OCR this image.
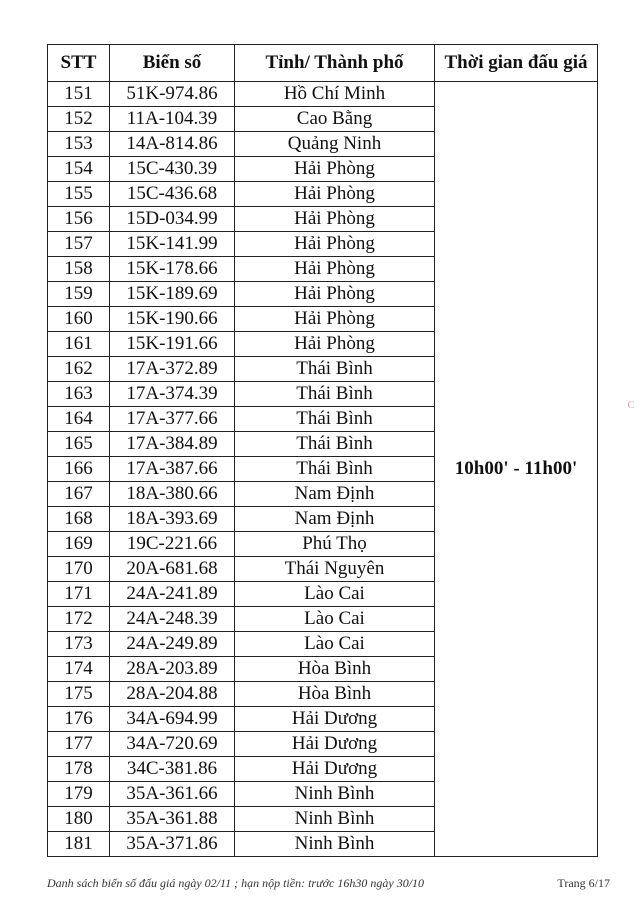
STT	Biển số	Tỉnh/ Thành phố	Thời gian đấu giá
151	51K-974.86	Hồ Chí Minh	10h00' - 11h00'
152	11A-104.39	Cao Bằng	
153	14A-814.86	Quảng Ninh	
154	15C-430.39	Hải Phòng	
155	15C-436.68	Hải Phòng	
156	15D-034.99	Hải Phòng	
157	15K-141.99	Hải Phòng	
158	15K-178.66	Hải Phòng	
159	15K-189.69	Hải Phòng	
160	15K-190.66	Hải Phòng	
161	15K-191.66	Hải Phòng	
162	17A-372.89	Thái Bình	
163	17A-374.39	Thái Bình	
164	17A-377.66	Thái Bình	
165	17A-384.89	Thái Bình	
166	17A-387.66	Thái Bình	
167	18A-380.66	Nam Định	
168	18A-393.69	Nam Định	
169	19C-221.66	Phú Thọ	
170	20A-681.68	Thái Nguyên	
171	24A-241.89	Lào Cai	
172	24A-248.39	Lào Cai	
173	24A-249.89	Lào Cai	
174	28A-203.89	Hòa Bình	
175	28A-204.88	Hòa Bình	
176	34A-694.99	Hải Dương	
177	34A-720.69	Hải Dương	
178	34C-381.86	Hải Dương	
179	35A-361.66	Ninh Bình	
180	35A-361.88	Ninh Bình	
181	35A-371.86	Ninh Bình	
C
Danh sách biển số đấu giá ngày 02/11 ; hạn nộp tiền: trước 16h30 ngày 30/10	Trang 6/17
